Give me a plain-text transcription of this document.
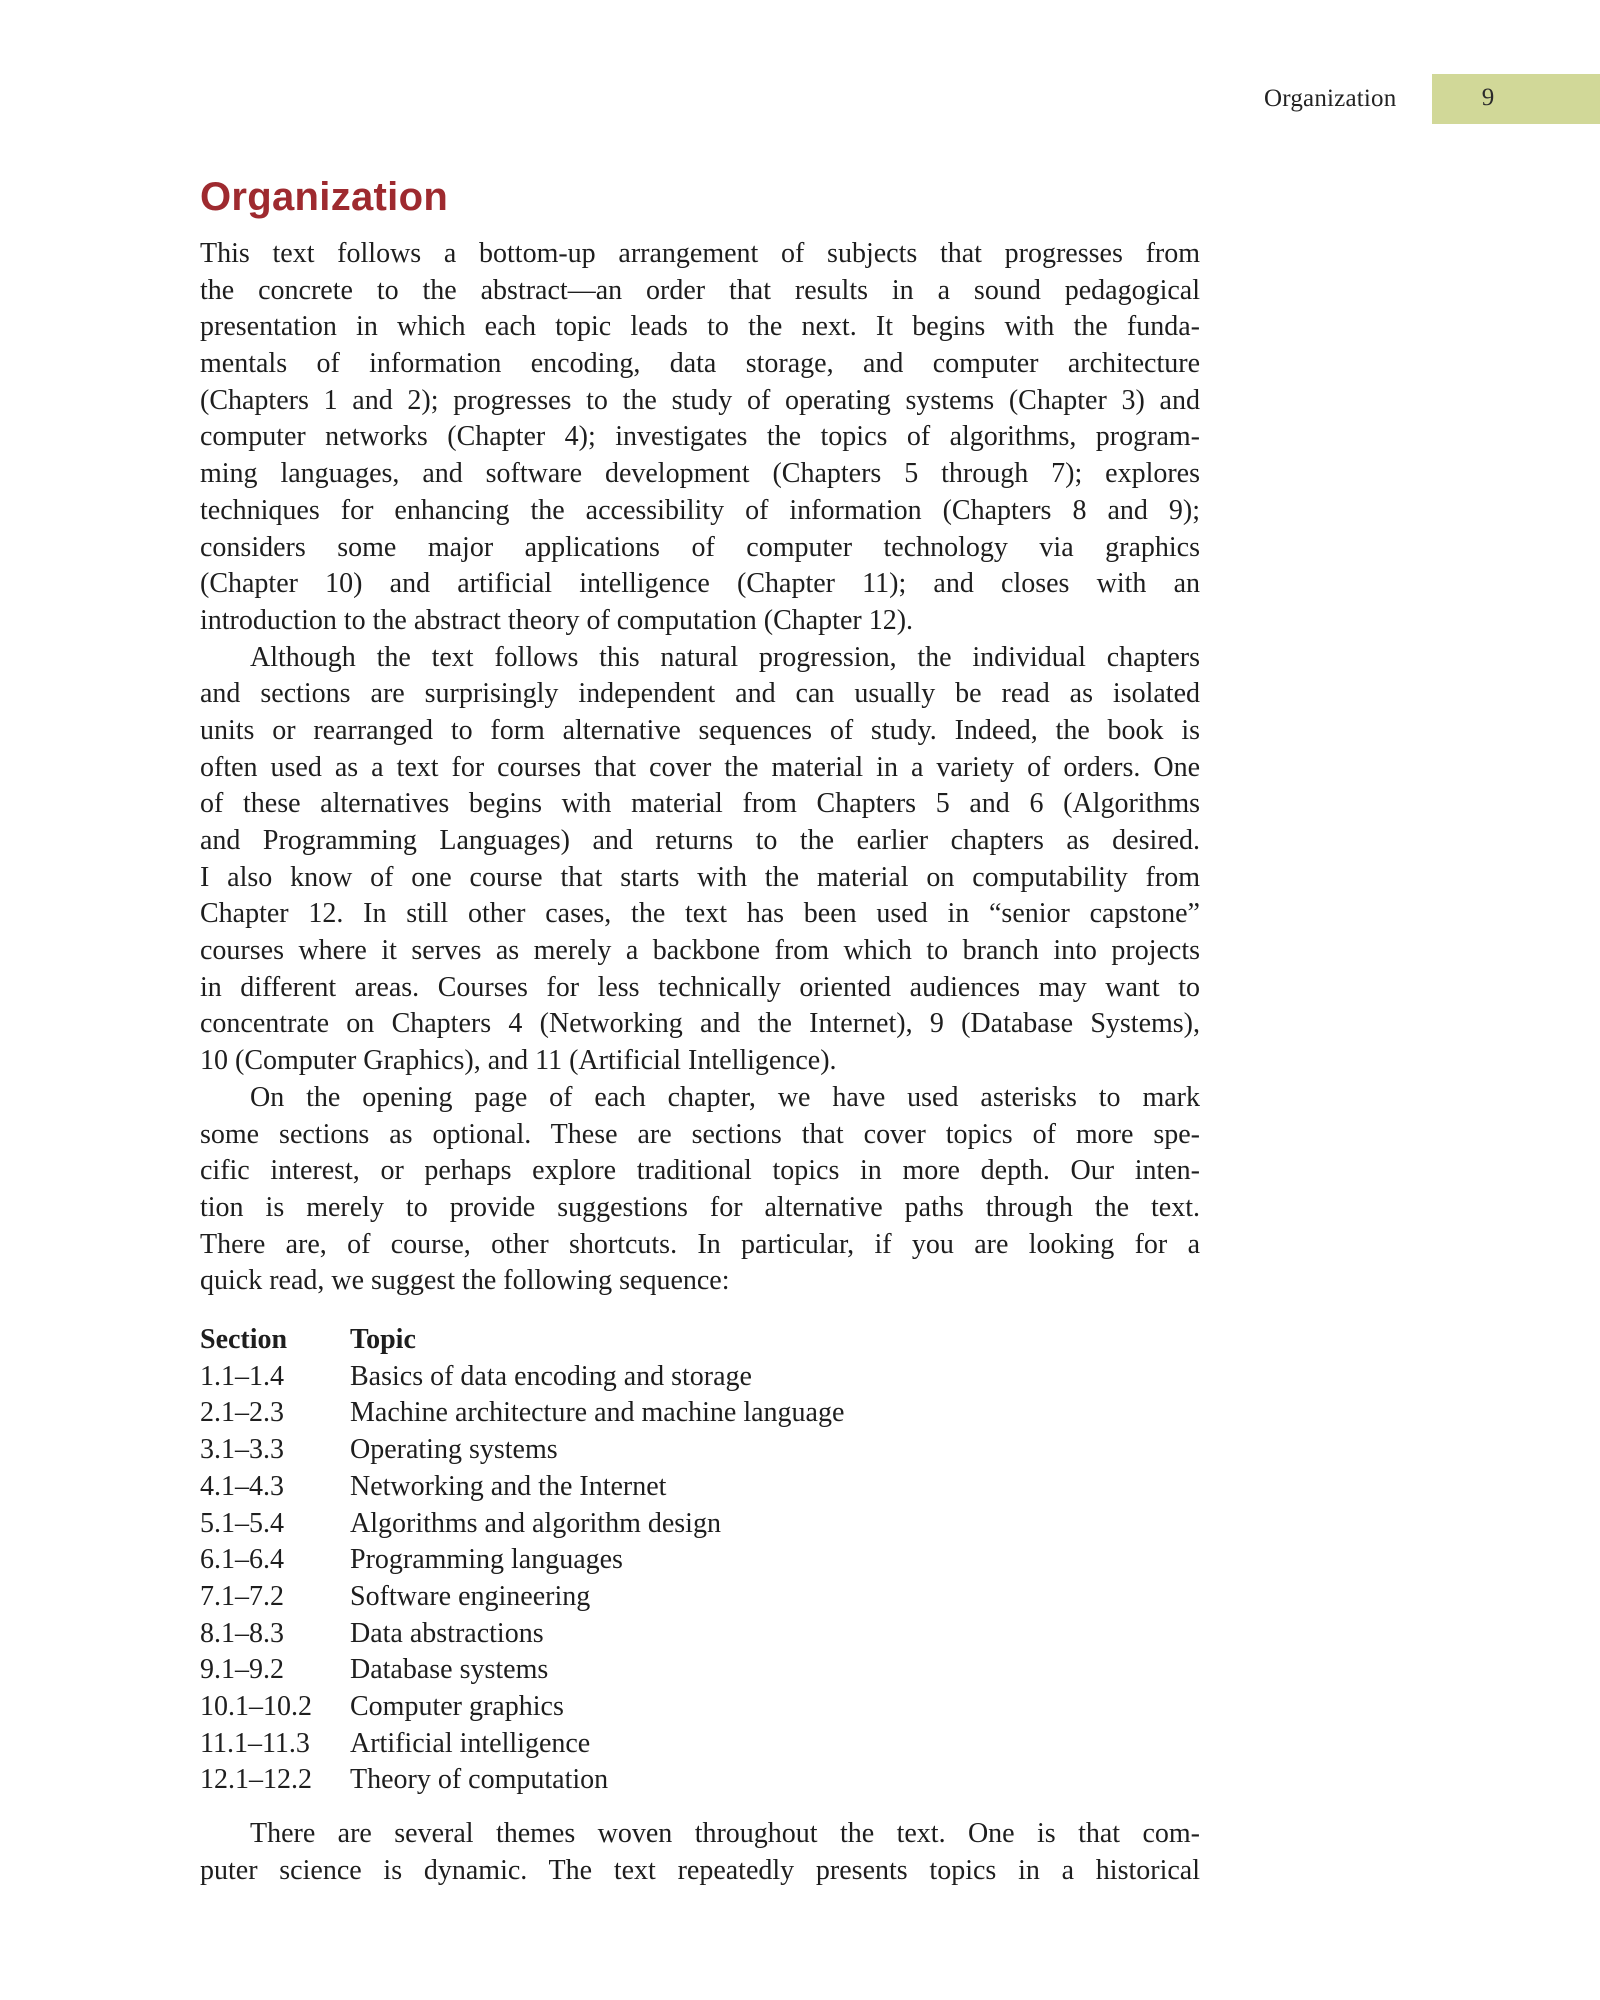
Organization	9
Organization
This text follows a bottom-up arrangement of subjects that progresses from
the concrete to the abstract—an order that results in a sound pedagogical
presentation in which each topic leads to the next. It begins with the funda-
mentals of information encoding, data storage, and computer architecture
(Chapters 1 and 2); progresses to the study of operating systems (Chapter 3) and
computer networks (Chapter 4); investigates the topics of algorithms, program-
ming languages, and software development (Chapters 5 through 7); explores
techniques for enhancing the accessibility of information (Chapters 8 and 9);
considers some major applications of computer technology via graphics
(Chapter 10) and artificial intelligence (Chapter 11); and closes with an
introduction to the abstract theory of computation (Chapter 12).
Although the text follows this natural progression, the individual chapters
and sections are surprisingly independent and can usually be read as isolated
units or rearranged to form alternative sequences of study. Indeed, the book is
often used as a text for courses that cover the material in a variety of orders. One
of these alternatives begins with material from Chapters 5 and 6 (Algorithms
and Programming Languages) and returns to the earlier chapters as desired.
I also know of one course that starts with the material on computability from
Chapter 12. In still other cases, the text has been used in “senior capstone”
courses where it serves as merely a backbone from which to branch into projects
in different areas. Courses for less technically oriented audiences may want to
concentrate on Chapters 4 (Networking and the Internet), 9 (Database Systems),
10 (Computer Graphics), and 11 (Artificial Intelligence).
On the opening page of each chapter, we have used asterisks to mark
some sections as optional. These are sections that cover topics of more spe-
cific interest, or perhaps explore traditional topics in more depth. Our inten-
tion is merely to provide suggestions for alternative paths through the text.
There are, of course, other shortcuts. In particular, if you are looking for a
quick read, we suggest the following sequence:
Section	Topic
1.1–1.4	Basics of data encoding and storage
2.1–2.3	Machine architecture and machine language
3.1–3.3	Operating systems
4.1–4.3	Networking and the Internet
5.1–5.4	Algorithms and algorithm design
6.1–6.4	Programming languages
7.1–7.2	Software engineering
8.1–8.3	Data abstractions
9.1–9.2	Database systems
10.1–10.2	Computer graphics
11.1–11.3	Artificial intelligence
12.1–12.2	Theory of computation
There are several themes woven throughout the text. One is that com-
puter science is dynamic. The text repeatedly presents topics in a historical
